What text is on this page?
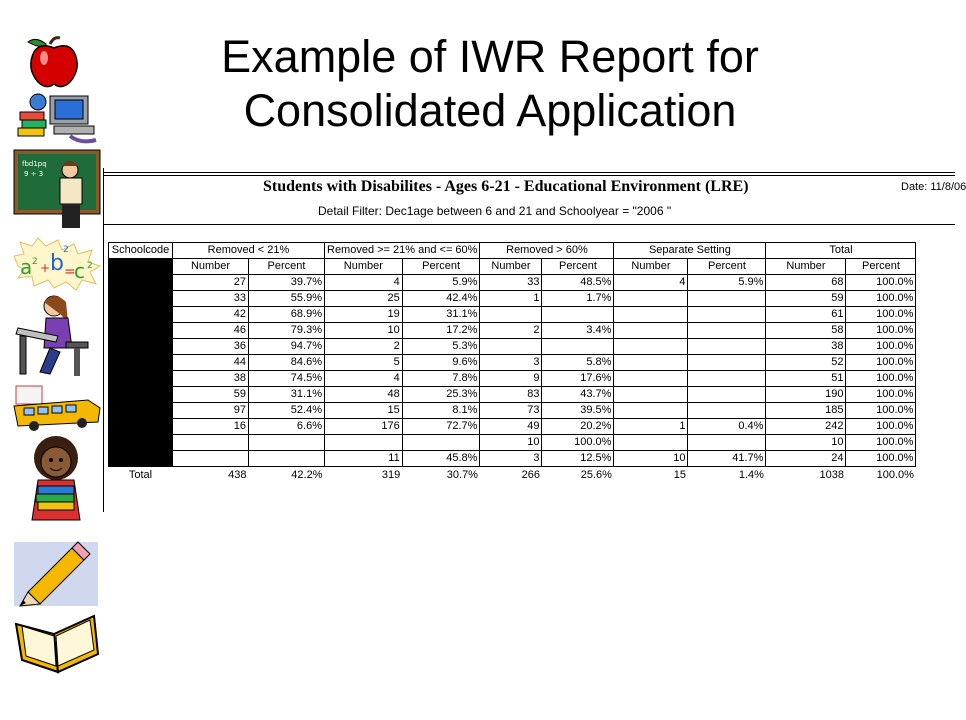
Example of IWR Report for
Consolidated Application
fbd1pq
9 ÷ 3
a 2 + b
2
=
c 2
Students with Disabilites - Ages 6-21 - Educational Environment (LRE)	Date: 11/8/06
Detail Filter: Dec1age between 6 and 21 and Schoolyear = "2006 "
Schoolcode	Removed < 21%		Removed >= 21% and <= 60%		Removed > 60%		Separate Setting		Total	
	Number	Percent	Number	Percent	Number	Percent	Number	Percent	Number	Percent
	27	39.7%	4	5.9%	33	48.5%	4	5.9%	68	100.0%
	33	55.9%	25	42.4%	1	1.7%			59	100.0%
	42	68.9%	19	31.1%					61	100.0%
	46	79.3%	10	17.2%	2	3.4%			58	100.0%
	36	94.7%	2	5.3%					38	100.0%
	44	84.6%	5	9.6%	3	5.8%			52	100.0%
	38	74.5%	4	7.8%	9	17.6%			51	100.0%
	59	31.1%	48	25.3%	83	43.7%			190	100.0%
	97	52.4%	15	8.1%	73	39.5%			185	100.0%
	16	6.6%	176	72.7%	49	20.2%	1	0.4%	242	100.0%
					10	100.0%			10	100.0%
			11	45.8%	3	12.5%	10	41.7%	24	100.0%
Total	438	42.2%	319	30.7%	266	25.6%	15	1.4%	1038	100.0%
